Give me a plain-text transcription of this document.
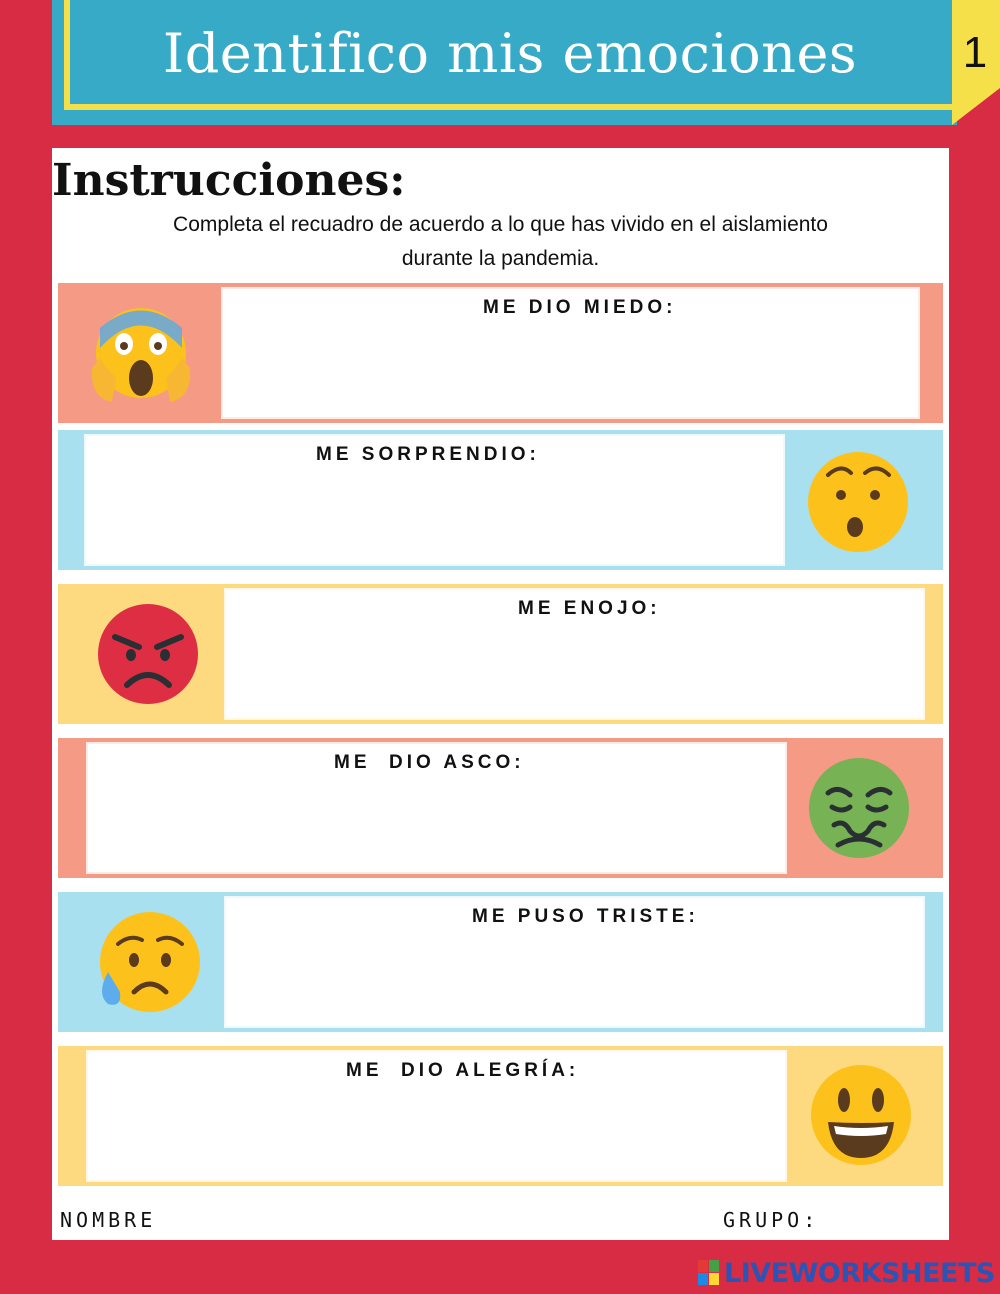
Identifico mis emociones	1
Instrucciones:
Completa el recuadro de acuerdo a lo que has vivido en el aislamiento
durante la pandemia.
ME DIO MIEDO:
ME SORPRENDIO:
ME ENOJO:
ME  DIO ASCO:
ME PUSO TRISTE:
ME  DIO ALEGRÍA:
NOMBRE	GRUPO:
LIVEWORKSHEETS
